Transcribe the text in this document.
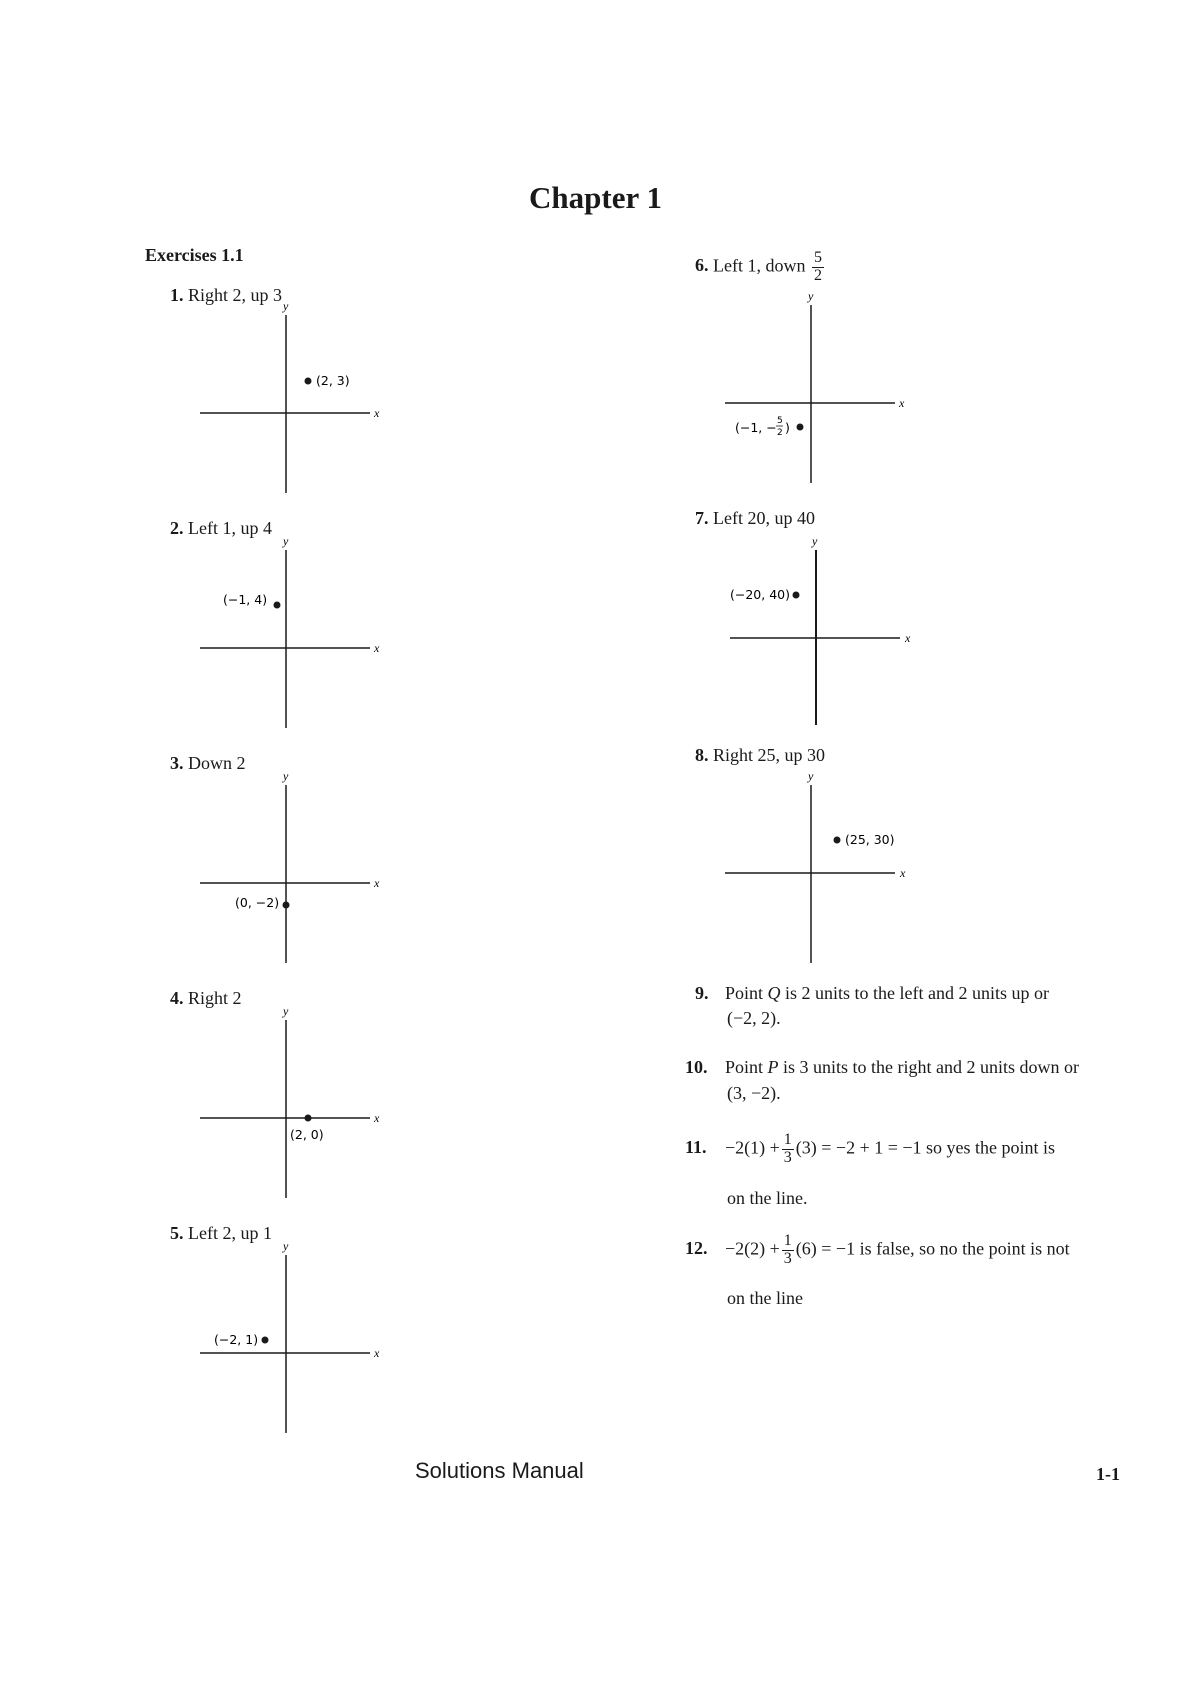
Chapter 1
Exercises 1.1
1. Right 2, up 3
y
x
(2, 3)
2. Left 1, up 4
y
x
(−1, 4)
3. Down 2
y
x
(0, −2)
4. Right 2
y
x
(2, 0)
5. Left 2, up 1
y
x
(−2, 1)
6. Left 1, down $\frac{5}{2}$
y
x
(−1, − 5
2 )
7. Left 20, up 40
y
x
(−20, 40)
8. Right 25, up 30
y
x
(25, 30)
9. Point Q is 2 units to the left and 2 units up or
(−2, 2).
10. Point P is 3 units to the right and 2 units down or
(3, −2).
11. $-2(1) + \frac{1}{3} (3) = -2 + 1 = -1$ so yes the point is
on the line.
12. $-2(2) + \frac{1}{3} (6) = -1$ is false, so no the point is not
on the line
Solutions Manual	1-1
